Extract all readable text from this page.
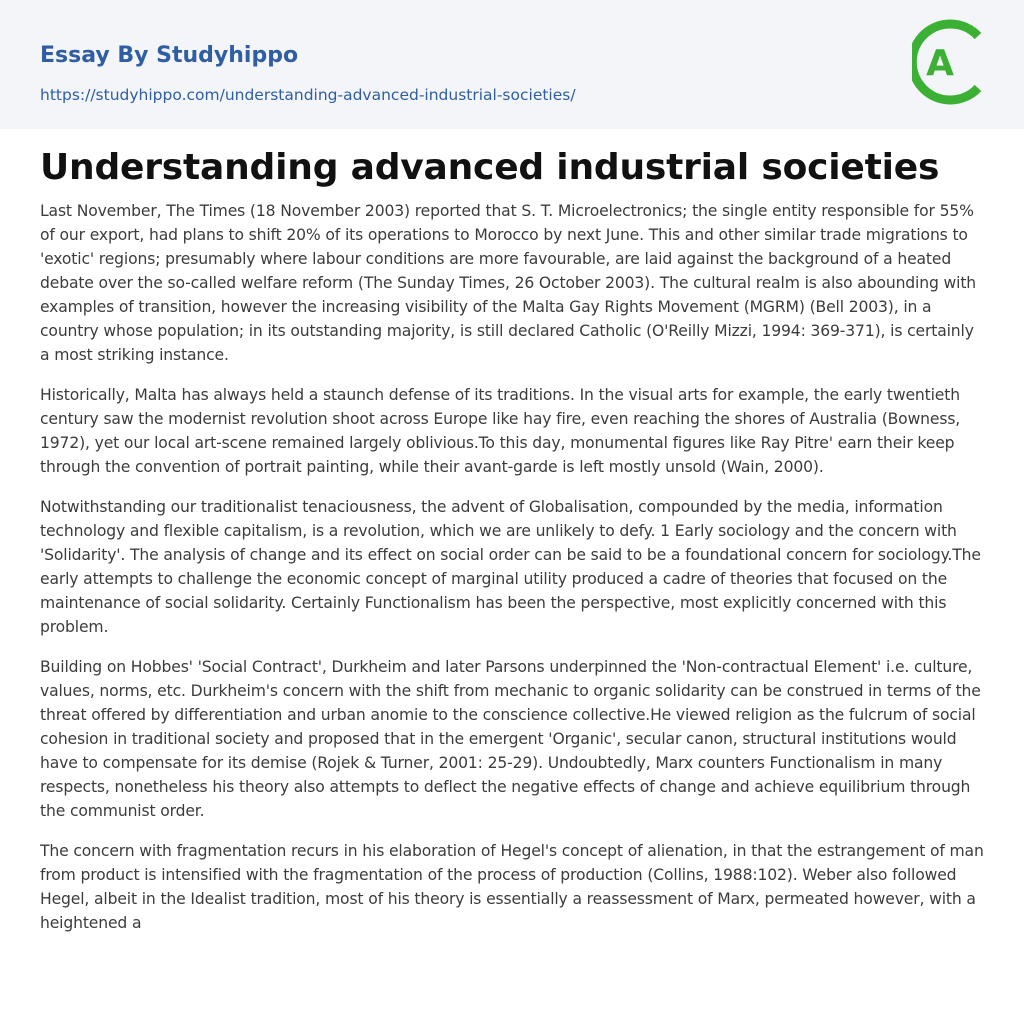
Essay By Studyhippo
https://studyhippo.com/understanding-advanced-industrial-societies/
A
Understanding advanced industrial societies

Last November, The Times (18 November 2003) reported that S. T. Microelectronics; the single entity responsible for 55% of our export, had plans to shift 20% of its operations to Morocco by next June. This and other similar trade migrations to 'exotic' regions; presumably where labour conditions are more favourable, are laid against the background of a heated debate over the so-called welfare reform (The Sunday Times, 26 October 2003). The cultural realm is also abounding with examples of transition, however the increasing visibility of the Malta Gay Rights Movement (MGRM) (Bell 2003), in a country whose population; in its outstanding majority, is still declared Catholic (O'Reilly Mizzi, 1994: 369-371), is certainly a most striking instance.

Historically, Malta has always held a staunch defense of its traditions. In the visual arts for example, the early twentieth century saw the modernist revolution shoot across Europe like hay fire, even reaching the shores of Australia (Bowness, 1972), yet our local art-scene remained largely oblivious.To this day, monumental figures like Ray Pitre' earn their keep through the convention of portrait painting, while their avant-garde is left mostly unsold (Wain, 2000).

Notwithstanding our traditionalist tenaciousness, the advent of Globalisation, compounded by the media, information technology and flexible capitalism, is a revolution, which we are unlikely to defy. 1 Early sociology and the concern with 'Solidarity'. The analysis of change and its effect on social order can be said to be a foundational concern for sociology.The early attempts to challenge the economic concept of marginal utility produced a cadre of theories that focused on the maintenance of social solidarity. Certainly Functionalism has been the perspective, most explicitly concerned with this problem.

Building on Hobbes' 'Social Contract', Durkheim and later Parsons underpinned the 'Non-contractual Element' i.e. culture, values, norms, etc. Durkheim's concern with the shift from mechanic to organic solidarity can be construed in terms of the threat offered by differentiation and urban anomie to the conscience collective.He viewed religion as the fulcrum of social cohesion in traditional society and proposed that in the emergent 'Organic', secular canon, structural institutions would have to compensate for its demise (Rojek & Turner, 2001: 25-29). Undoubtedly, Marx counters Functionalism in many respects, nonetheless his theory also attempts to deflect the negative effects of change and achieve equilibrium through the communist order.

The concern with fragmentation recurs in his elaboration of Hegel's concept of alienation, in that the estrangement of man from product is intensified with the fragmentation of the process of production (Collins, 1988:102). Weber also followed Hegel, albeit in the Idealist tradition, most of his theory is essentially a reassessment of Marx, permeated however, with a heightened a
